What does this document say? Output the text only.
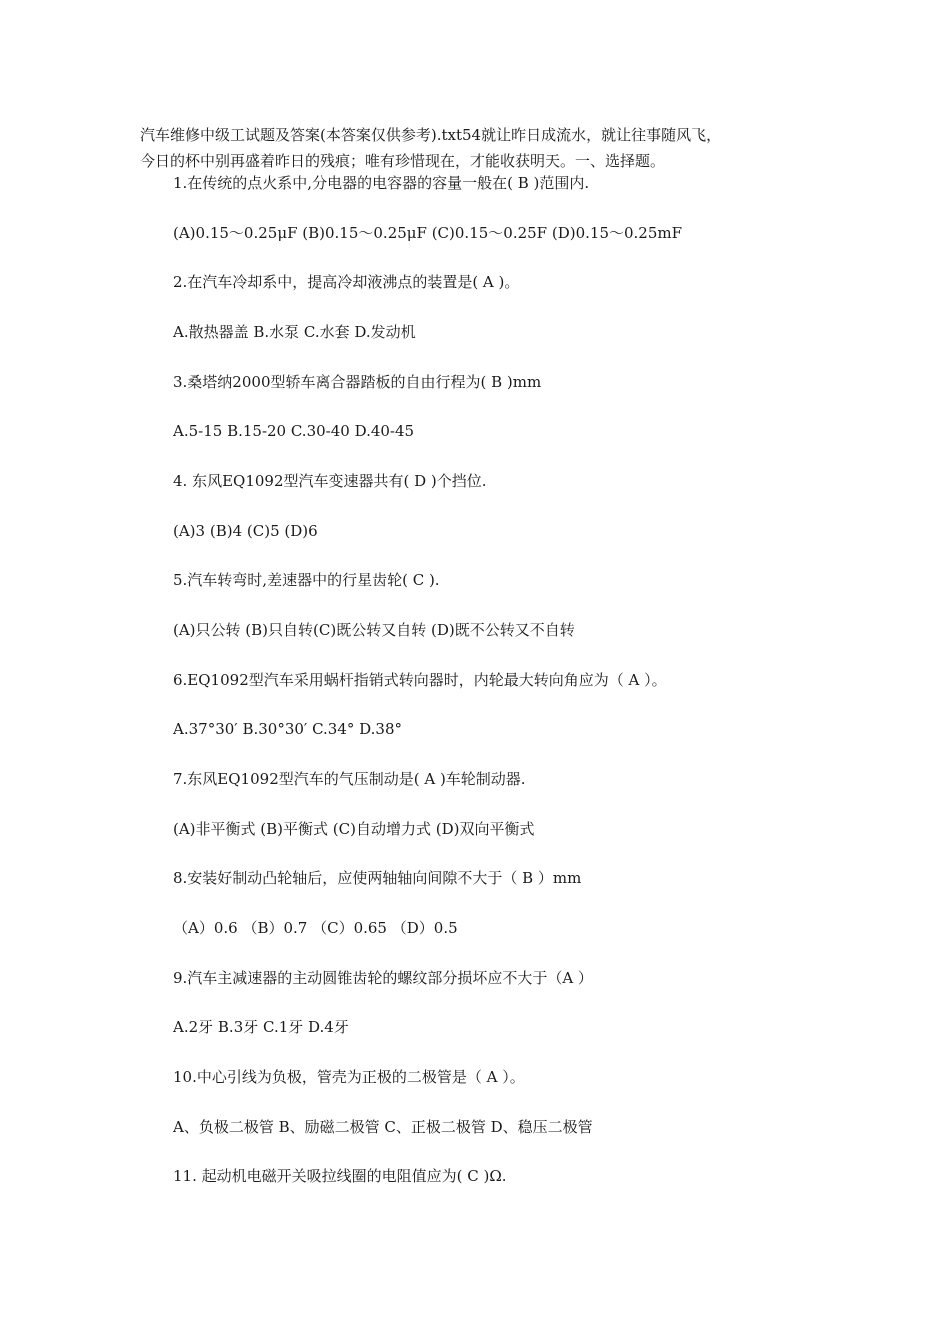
汽车维修中级工试题及答案(本答案仅供参考).txt54就让昨日成流水，就让往事随风飞，
今日的杯中别再盛着昨日的残痕；唯有珍惜现在，才能收获明天。一、选择题。
1.在传统的点火系中,分电器的电容器的容量一般在( B )范围内.
(A)0.15～0.25μF (B)0.15～0.25μF (C)0.15～0.25F (D)0.15～0.25mF
2.在汽车冷却系中，提高冷却液沸点的装置是( A )。
A.散热器盖 B.水泵 C.水套 D.发动机
3.桑塔纳2000型轿车离合器踏板的自由行程为( B )mm
A.5-15 B.15-20 C.30-40 D.40-45
4. 东风EQ1092型汽车变速器共有( D )个挡位.
(A)3 (B)4 (C)5 (D)6
5.汽车转弯时,差速器中的行星齿轮( C ).
(A)只公转 (B)只自转(C)既公转又自转 (D)既不公转又不自转
6.EQ1092型汽车采用蜗杆指销式转向器时，内轮最大转向角应为（ A ）。
A.37°30′ B.30°30′ C.34° D.38°
7.东风EQ1092型汽车的气压制动是( A )车轮制动器.
(A)非平衡式 (B)平衡式 (C)自动增力式 (D)双向平衡式
8.安装好制动凸轮轴后，应使两轴轴向间隙不大于（ B ）mm
（A）0.6 （B）0.7 （C）0.65 （D）0.5
9.汽车主减速器的主动圆锥齿轮的螺纹部分损坏应不大于（A ）
A.2牙 B.3牙 C.1牙 D.4牙
10.中心引线为负极，管壳为正极的二极管是（ A ）。
A、负极二极管 B、励磁二极管 C、正极二极管 D、稳压二极管
11. 起动机电磁开关吸拉线圈的电阻值应为( C )Ω.
